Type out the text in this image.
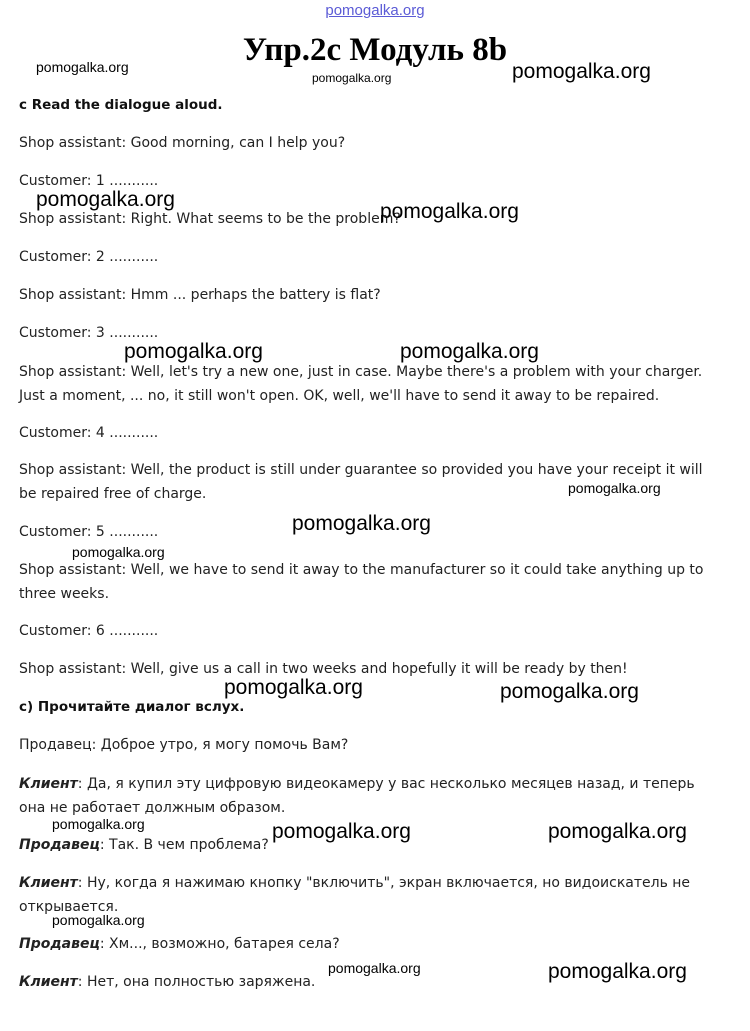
pomogalka.org
Упр.2с Модуль 8b
c Read the dialogue aloud.
Shop assistant: Good morning, can I help you?
Customer: 1 ...........
Shop assistant: Right. What seems to be the problem?
Customer: 2 ...........
Shop assistant: Hmm ... perhaps the battery is flat?
Customer: 3 ...........
Shop assistant: Well, let's try a new one, just in case. Maybe there's a problem with your charger. Just a moment, ... no, it still won't open. OK, well, we'll have to send it away to be repaired.
Customer: 4 ...........
Shop assistant: Well, the product is still under guarantee so provided you have your receipt it will be repaired free of charge.
Customer: 5 ...........
Shop assistant: Well, we have to send it away to the manufacturer so it could take anything up to three weeks.
Customer: 6 ...........
Shop assistant: Well, give us a call in two weeks and hopefully it will be ready by then!
c) Прочитайте диалог вслух.
Продавец: Доброе утро, я могу помочь Вам?
Клиент: Да, я купил эту цифровую видеокамеру у вас несколько месяцев назад, и теперь она не работает должным образом.
Продавец: Так. В чем проблема?
Клиент: Ну, когда я нажимаю кнопку "включить", экран включается, но видоискатель не открывается.
Продавец: Хм..., возможно, батарея села?
Клиент: Нет, она полностью заряжена.
pomogalka.org
pomogalka.org	pomogalka.org
pomogalka.org
pomogalka.org
pomogalka.org	pomogalka.org
pomogalka.org
pomogalka.org
pomogalka.org
pomogalka.org	pomogalka.org
pomogalka.org	pomogalka.org	pomogalka.org
pomogalka.org
pomogalka.org	pomogalka.org
